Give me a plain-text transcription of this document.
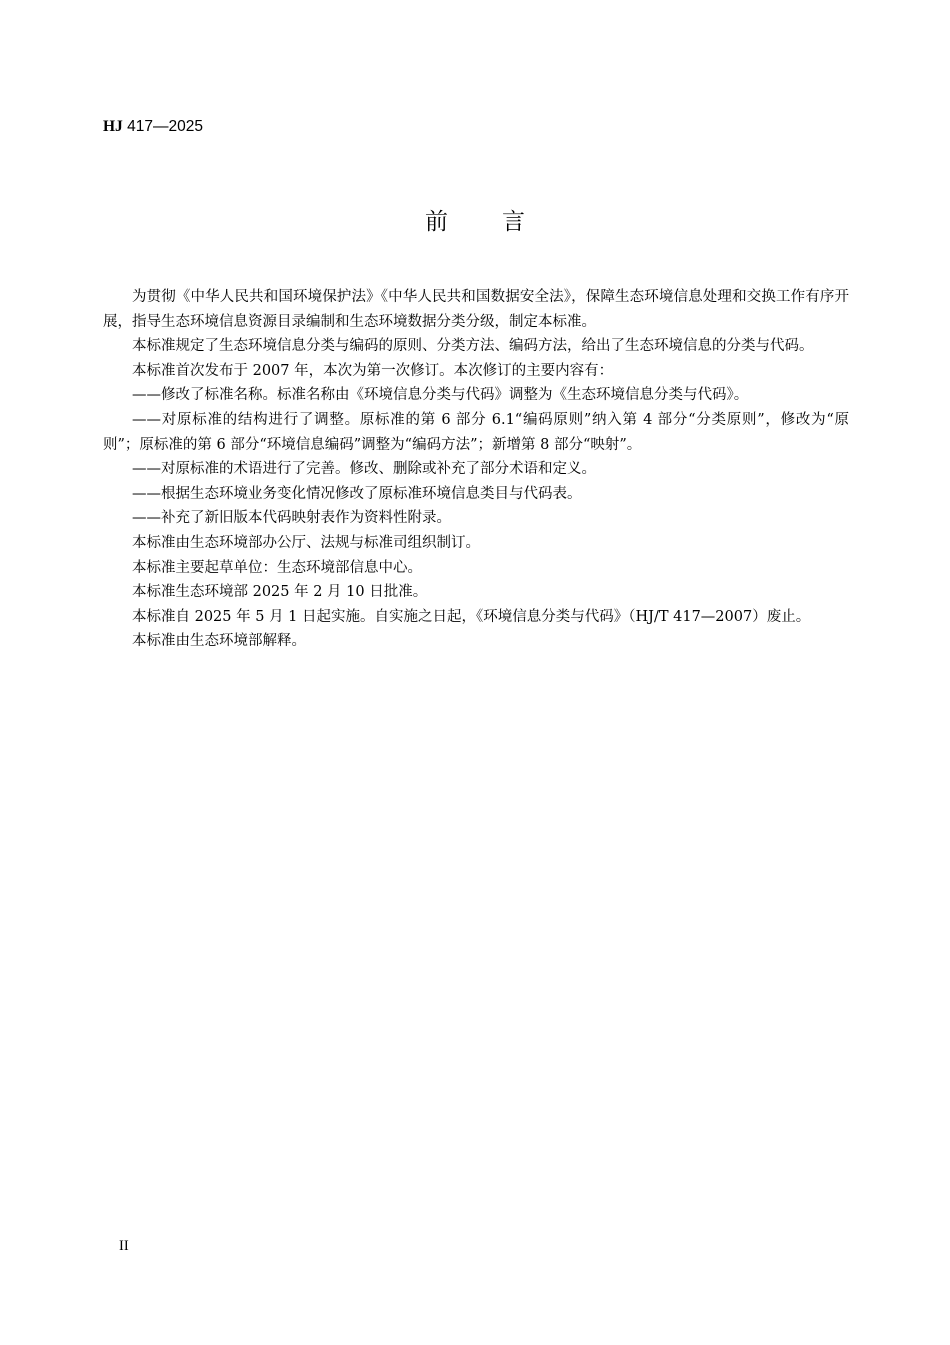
HJ 417—2025
前言

为贯彻《中华人民共和国环境保护法》《中华人民共和国数据安全法》，保障生态环境信息处理和交换工作有序开展，指导生态环境信息资源目录编制和生态环境数据分类分级，制定本标准。

本标准规定了生态环境信息分类与编码的原则、分类方法、编码方法，给出了生态环境信息的分类与代码。

本标准首次发布于 2007 年，本次为第一次修订。本次修订的主要内容有：

——修改了标准名称。标准名称由《环境信息分类与代码》调整为《生态环境信息分类与代码》。

——对原标准的结构进行了调整。原标准的第 6 部分 6.1“编码原则”纳入第 4 部分“分类原则”，修改为“原则”；原标准的第 6 部分“环境信息编码”调整为“编码方法”；新增第 8 部分“映射”。

——对原标准的术语进行了完善。修改、删除或补充了部分术语和定义。

——根据生态环境业务变化情况修改了原标准环境信息类目与代码表。

——补充了新旧版本代码映射表作为资料性附录。

本标准由生态环境部办公厅、法规与标准司组织制订。

本标准主要起草单位：生态环境部信息中心。

本标准生态环境部 2025 年 2 月 10 日批准。

本标准自 2025 年 5 月 1 日起实施。自实施之日起，《环境信息分类与代码》（HJ/T 417—2007）废止。

本标准由生态环境部解释。

II
